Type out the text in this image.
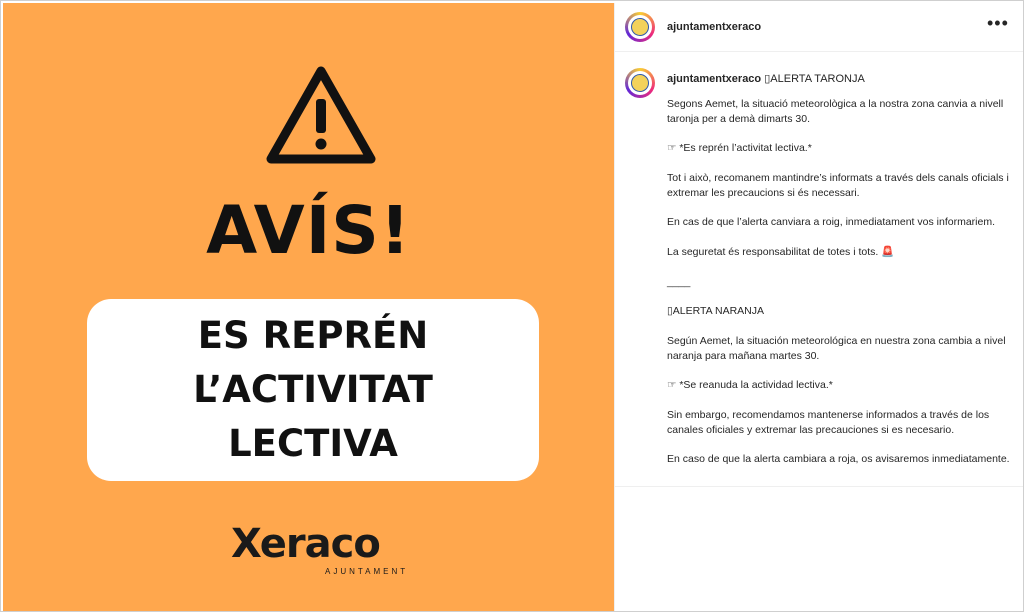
AVÍS!
ES REPRÉN
L’ACTIVITAT
LECTIVA
Xeraco
AJUNTAMENT
ajuntamentxeraco	•••
ajuntamentxeraco ▯ALERTA TARONJA

Segons Aemet, la situació meteorològica a la nostra zona canvia a nivell taronja per a demà dimarts 30.

☞ *Es reprén l’activitat lectiva.*

Tot i això, recomanem mantindre’s informats a través dels canals oficials i extremar les precaucions si és necessari.

En cas de que l’alerta canviara a roig, inmediatament vos informariem.

La seguretat és responsabilitat de totes i tots. 🚨

____

▯ALERTA NARANJA

Según Aemet, la situación meteorológica en nuestra zona cambia a nivel naranja para mañana martes 30.

☞ *Se reanuda la actividad lectiva.*

Sin embargo, recomendamos mantenerse informados a través de los canales oficiales y extremar las precauciones si es necesario.

En caso de que la alerta cambiara a roja, os avisaremos inmediatamente.
